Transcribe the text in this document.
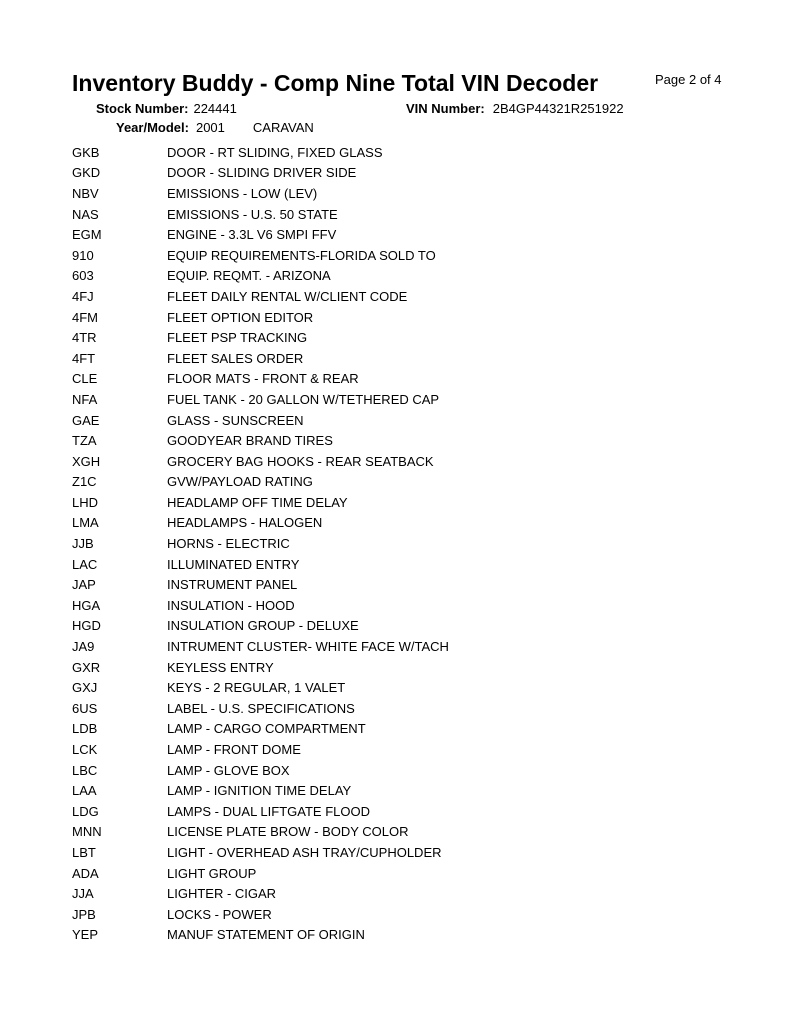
Inventory Buddy - Comp Nine Total VIN Decoder	Page 2 of 4
Stock Number: 224441	VIN Number: 2B4GP44321R251922
Year/Model: 2001 CARAVAN
GKB	DOOR - RT SLIDING, FIXED GLASS
GKD	DOOR - SLIDING DRIVER SIDE
NBV	EMISSIONS - LOW (LEV)
NAS	EMISSIONS - U.S. 50 STATE
EGM	ENGINE - 3.3L V6 SMPI FFV
910	EQUIP REQUIREMENTS-FLORIDA SOLD TO
603	EQUIP. REQMT. - ARIZONA
4FJ	FLEET DAILY RENTAL W/CLIENT CODE
4FM	FLEET OPTION EDITOR
4TR	FLEET PSP TRACKING
4FT	FLEET SALES ORDER
CLE	FLOOR MATS - FRONT & REAR
NFA	FUEL TANK - 20 GALLON W/TETHERED CAP
GAE	GLASS - SUNSCREEN
TZA	GOODYEAR BRAND TIRES
XGH	GROCERY BAG HOOKS - REAR SEATBACK
Z1C	GVW/PAYLOAD RATING
LHD	HEADLAMP OFF TIME DELAY
LMA	HEADLAMPS - HALOGEN
JJB	HORNS - ELECTRIC
LAC	ILLUMINATED ENTRY
JAP	INSTRUMENT PANEL
HGA	INSULATION - HOOD
HGD	INSULATION GROUP - DELUXE
JA9	INTRUMENT CLUSTER- WHITE FACE W/TACH
GXR	KEYLESS ENTRY
GXJ	KEYS - 2 REGULAR, 1 VALET
6US	LABEL - U.S. SPECIFICATIONS
LDB	LAMP - CARGO COMPARTMENT
LCK	LAMP - FRONT DOME
LBC	LAMP - GLOVE BOX
LAA	LAMP - IGNITION TIME DELAY
LDG	LAMPS - DUAL LIFTGATE FLOOD
MNN	LICENSE PLATE BROW - BODY COLOR
LBT	LIGHT - OVERHEAD ASH TRAY/CUPHOLDER
ADA	LIGHT GROUP
JJA	LIGHTER - CIGAR
JPB	LOCKS - POWER
YEP	MANUF STATEMENT OF ORIGIN
